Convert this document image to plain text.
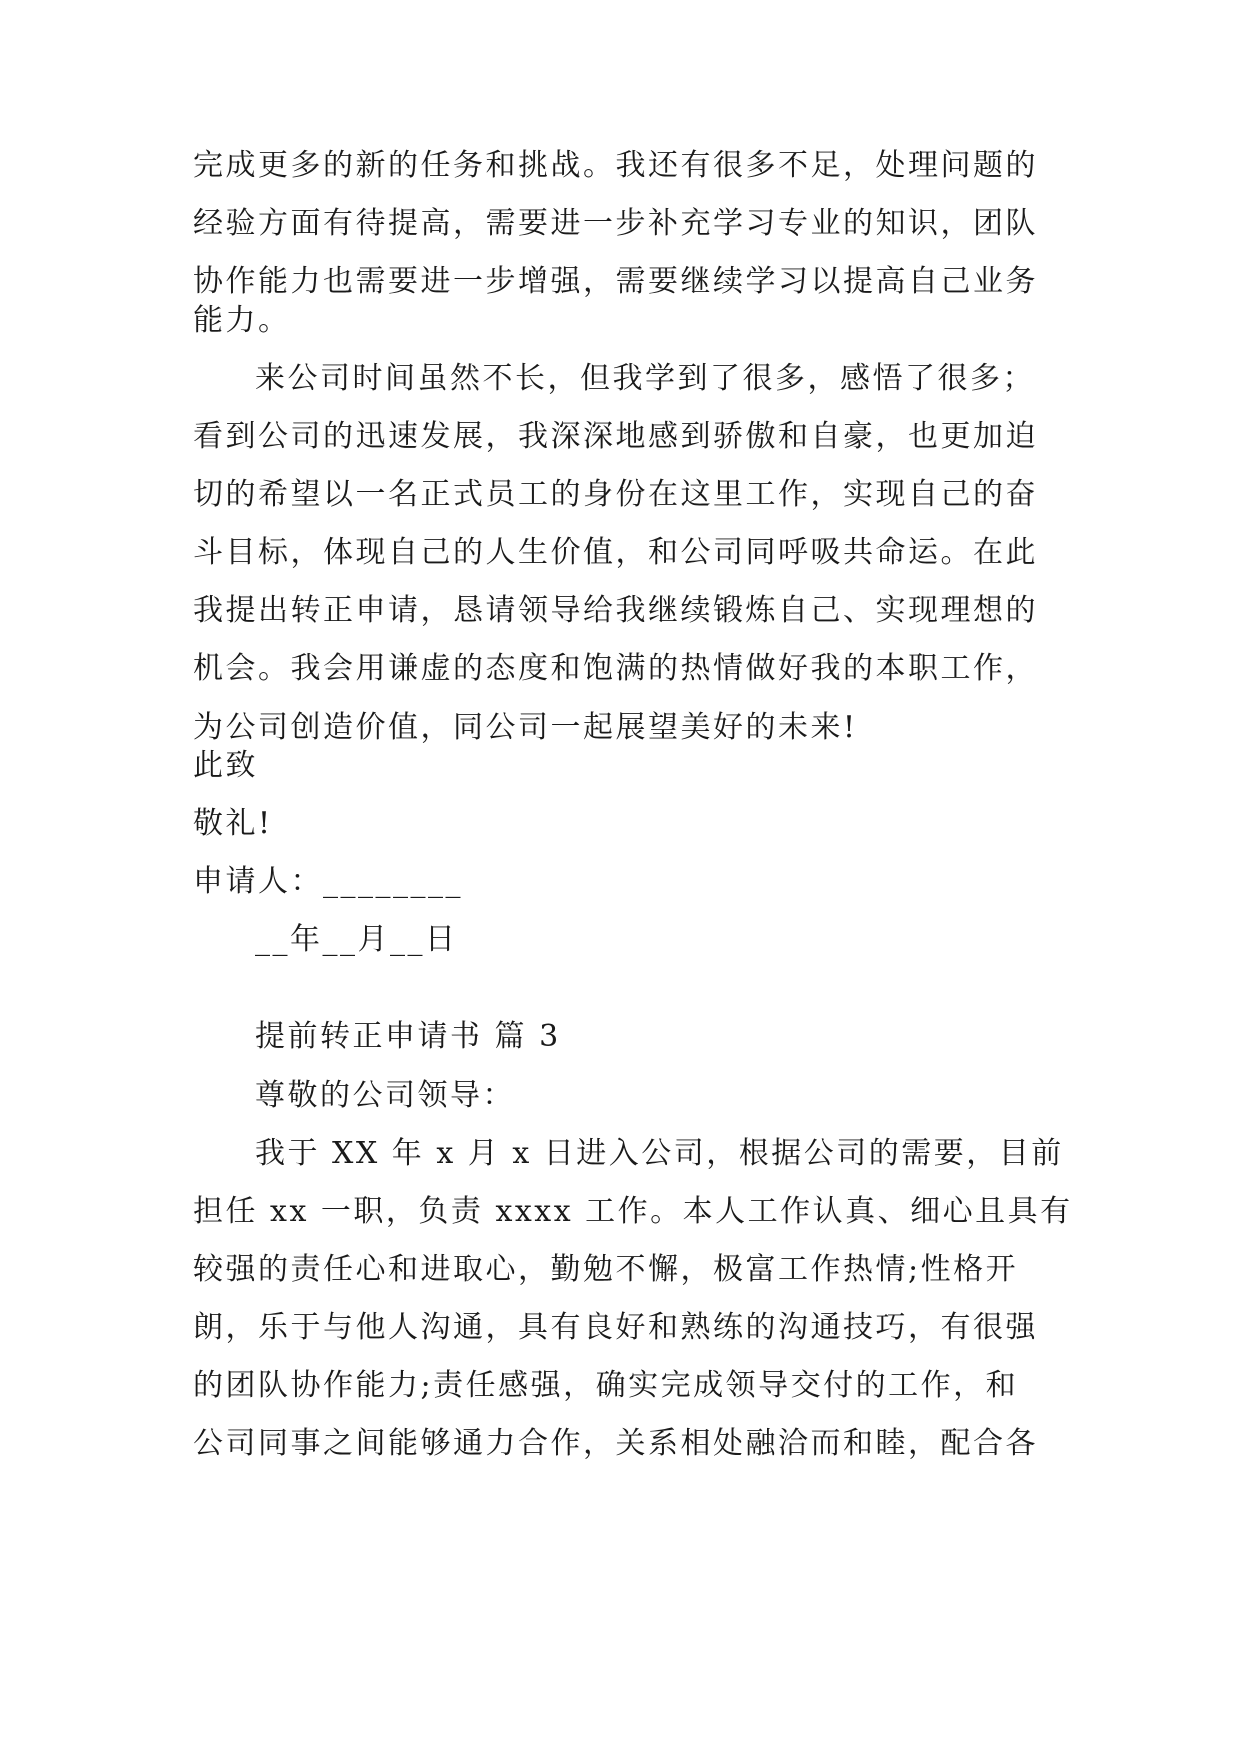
完成更多的新的任务和挑战。我还有很多不足，处理问题的
经验方面有待提高，需要进一步补充学习专业的知识，团队
协作能力也需要进一步增强，需要继续学习以提高自己业务
能力。
来公司时间虽然不长，但我学到了很多，感悟了很多；
看到公司的迅速发展，我深深地感到骄傲和自豪，也更加迫
切的希望以一名正式员工的身份在这里工作，实现自己的奋
斗目标，体现自己的人生价值，和公司同呼吸共命运。在此
我提出转正申请，恳请领导给我继续锻炼自己、实现理想的
机会。我会用谦虚的态度和饱满的热情做好我的本职工作，
为公司创造价值，同公司一起展望美好的未来!
此致
敬礼!
申请人：________
__年__月__日
提前转正申请书 篇 3
尊敬的公司领导：
我于 XX 年 x 月 x 日进入公司，根据公司的需要，目前
担任 xx 一职，负责 xxxx 工作。本人工作认真、细心且具有
较强的责任心和进取心，勤勉不懈，极富工作热情;性格开
朗，乐于与他人沟通，具有良好和熟练的沟通技巧，有很强
的团队协作能力;责任感强，确实完成领导交付的工作，和
公司同事之间能够通力合作，关系相处融洽而和睦，配合各
